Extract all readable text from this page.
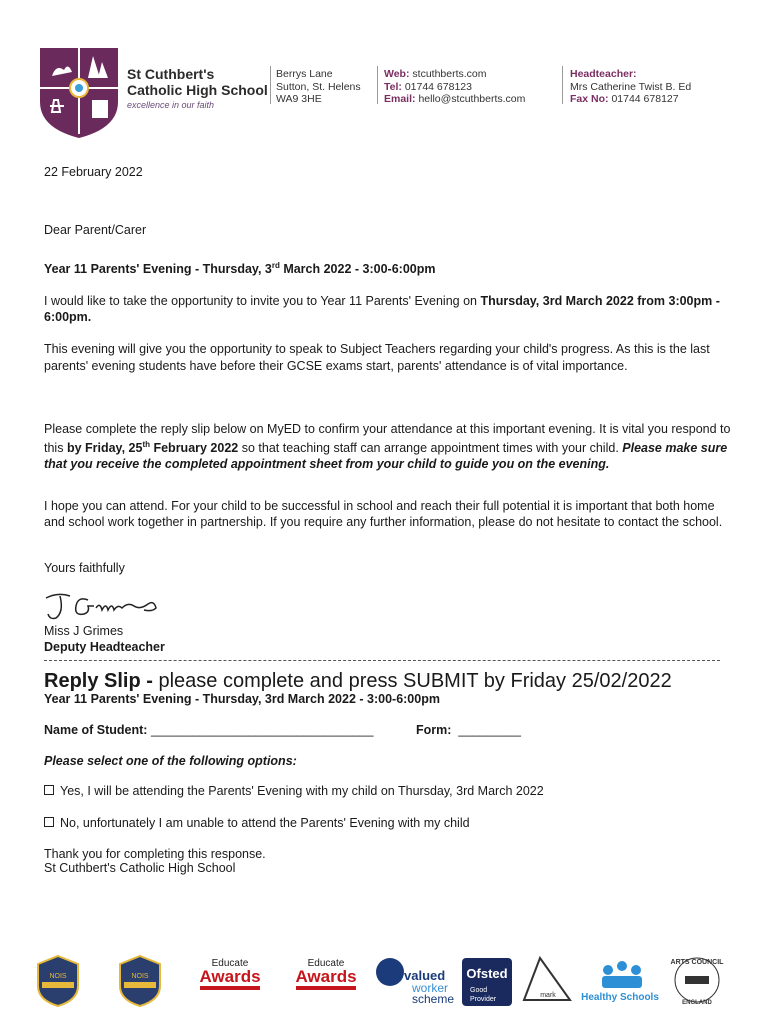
St Cuthbert's
Catholic High School
excellence in our faith
Berrys Lane
Sutton, St. Helens
WA9 3HE
Web: stcuthberts.com
Tel: 01744 678123
Email: hello@stcuthberts.com
Headteacher:
Mrs Catherine Twist B. Ed
Fax No: 01744 678127
22 February 2022
Dear Parent/Carer
Year 11 Parents' Evening - Thursday, 3rd March 2022 - 3:00-6:00pm
I would like to take the opportunity to invite you to Year 11 Parents' Evening on Thursday, 3rd March 2022 from 3:00pm - 6:00pm.
This evening will give you the opportunity to speak to Subject Teachers regarding your child's progress. As this is the last parents' evening students have before their GCSE exams start, parents' attendance is of vital importance.
Please complete the reply slip below on MyED to confirm your attendance at this important evening. It is vital you respond to this by Friday, 25th February 2022 so that teaching staff can arrange appointment times with your child. Please make sure that you receive the completed appointment sheet from your child to guide you on the evening.
I hope you can attend. For your child to be successful in school and reach their full potential it is important that both home and school work together in partnership. If you require any further information, please do not hesitate to contact the school.
Yours faithfully
Miss J Grimes
Deputy Headteacher
Reply Slip - please complete and press SUBMIT by Friday 25/02/2022
Year 11 Parents' Evening - Thursday, 3rd March 2022 - 3:00-6:00pm
Name of Student: ________________________________	Form: _________
Please select one of the following options:
Yes, I will be attending the Parents' Evening with my child on Thursday, 3rd March 2022
No, unfortunately I am unable to attend the Parents' Evening with my child
Thank you for completing this response.
St Cuthbert's Catholic High School
NOIS	NOIS
Educate
Awards
Educate
Awards	valued
worker
scheme
Ofsted
Good
Provider
mark	Healthy Schools
ARTS COUNCIL
ENGLAND
